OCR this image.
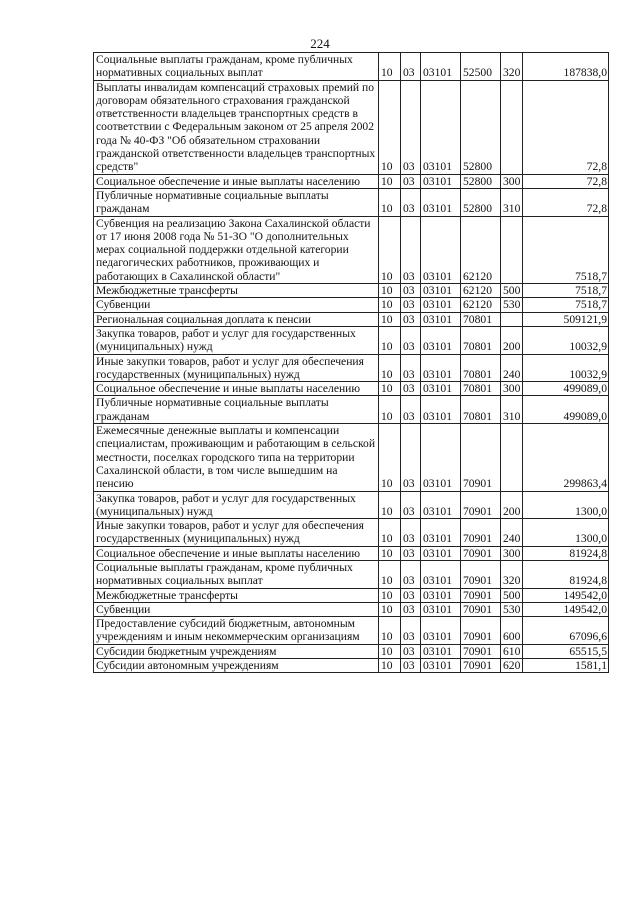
224
Социальные выплаты гражданам, кроме публичных нормативных социальных выплат	10	03	03101	52500	320	187838,0
Выплаты инвалидам компенсаций страховых премий по договорам обязательного страхования гражданской ответственности владельцев транспортных средств в соответствии с Федеральным законом от 25 апреля 2002 года № 40-ФЗ "Об обязательном страховании гражданской ответственности владельцев транспортных средств"	10	03	03101	52800		72,8
Социальное обеспечение и иные выплаты населению	10	03	03101	52800	300	72,8
Публичные нормативные социальные выплаты гражданам	10	03	03101	52800	310	72,8
Субвенция на реализацию Закона Сахалинской области от 17 июня 2008 года № 51-ЗО "О дополнительных мерах социальной поддержки отдельной категории педагогических работников, проживающих и работающих в Сахалинской области"	10	03	03101	62120		7518,7
Межбюджетные трансферты	10	03	03101	62120	500	7518,7
Субвенции	10	03	03101	62120	530	7518,7
Региональная социальная доплата к пенсии	10	03	03101	70801		509121,9
Закупка товаров, работ и услуг для государственных (муниципальных) нужд	10	03	03101	70801	200	10032,9
Иные закупки товаров, работ и услуг для обеспечения государственных (муниципальных) нужд	10	03	03101	70801	240	10032,9
Социальное обеспечение и иные выплаты населению	10	03	03101	70801	300	499089,0
Публичные нормативные социальные выплаты гражданам	10	03	03101	70801	310	499089,0
Ежемесячные денежные выплаты и компенсации специалистам, проживающим и работающим в сельской местности, поселках городского типа на территории Сахалинской области, в том числе вышедшим на пенсию	10	03	03101	70901		299863,4
Закупка товаров, работ и услуг для государственных (муниципальных) нужд	10	03	03101	70901	200	1300,0
Иные закупки товаров, работ и услуг для обеспечения государственных (муниципальных) нужд	10	03	03101	70901	240	1300,0
Социальное обеспечение и иные выплаты населению	10	03	03101	70901	300	81924,8
Социальные выплаты гражданам, кроме публичных нормативных социальных выплат	10	03	03101	70901	320	81924,8
Межбюджетные трансферты	10	03	03101	70901	500	149542,0
Субвенции	10	03	03101	70901	530	149542,0
Предоставление субсидий бюджетным, автономным учреждениям и иным некоммерческим организациям	10	03	03101	70901	600	67096,6
Субсидии бюджетным учреждениям	10	03	03101	70901	610	65515,5
Субсидии автономным учреждениям	10	03	03101	70901	620	1581,1
